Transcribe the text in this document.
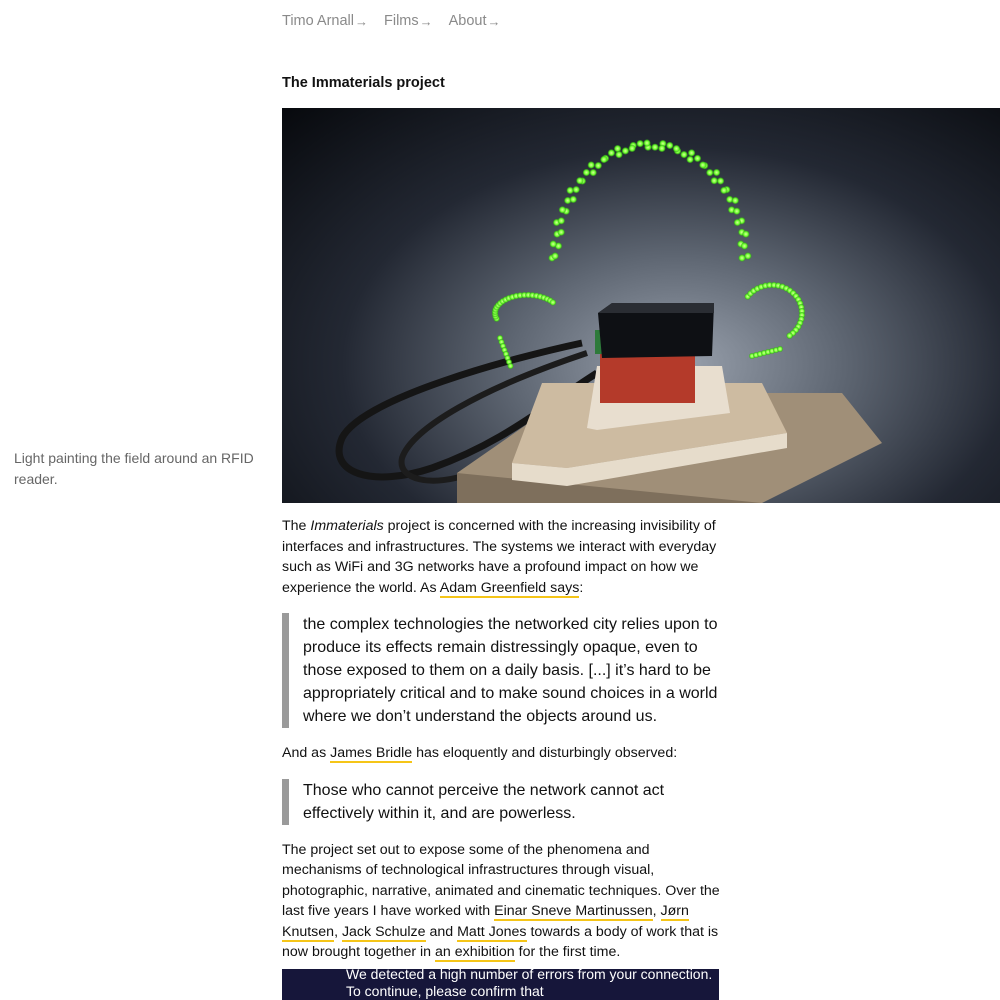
Timo Arnall → Films → About →
The Immaterials project
Light painting the field around an RFID reader.

The Immaterials project is concerned with the increasing invisibility of interfaces and infrastructures. The systems we interact with everyday such as WiFi and 3G networks have a profound impact on how we experience the world. As Adam Greenfield says:

the complex technologies the networked city relies upon to produce its effects remain distressingly opaque, even to those exposed to them on a daily basis. [...] it’s hard to be appropriately critical and to make sound choices in a world where we don’t understand the objects around us.

And as James Bridle has eloquently and disturbingly observed:

Those who cannot perceive the network cannot act effectively within it, and are powerless.

The project set out to expose some of the phenomena and mechanisms of technological infrastructures through visual, photographic, narrative, animated and cinematic techniques. Over the last five years I have worked with Einar Sneve Martinussen, Jørn Knutsen, Jack Schulze and Matt Jones towards a body of work that is now brought together in an exhibition for the first time.

We detected a high number of errors from your connection. To continue, please confirm that
